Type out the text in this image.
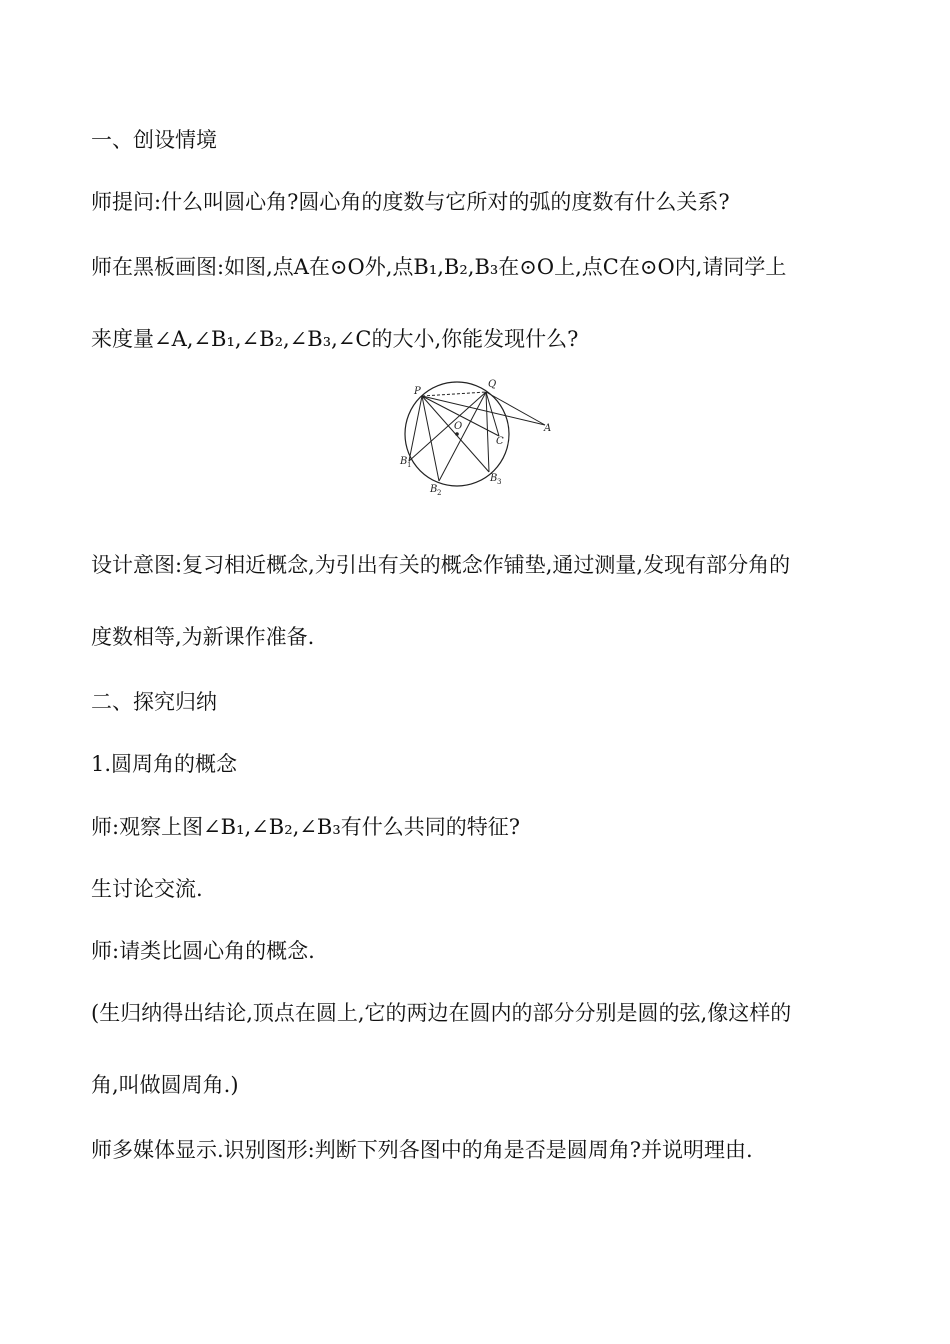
一、创设情境
师提问:什么叫圆心角?圆心角的度数与它所对的弧的度数有什么关系?
师在黑板画图:如图,点A在⊙O外,点B₁,B₂,B₃在⊙O上,点C在⊙O内,请同学上
来度量∠A,∠B₁,∠B₂,∠B₃,∠C的大小,你能发现什么?
P
Q
O	A
C
B 1
B 2
B 3
设计意图:复习相近概念,为引出有关的概念作铺垫,通过测量,发现有部分角的
度数相等,为新课作准备.
二、探究归纳
1.圆周角的概念
师:观察上图∠B₁,∠B₂,∠B₃有什么共同的特征?
生讨论交流.
师:请类比圆心角的概念.
(生归纳得出结论,顶点在圆上,它的两边在圆内的部分分别是圆的弦,像这样的
角,叫做圆周角.)
师多媒体显示.识别图形:判断下列各图中的角是否是圆周角?并说明理由.
